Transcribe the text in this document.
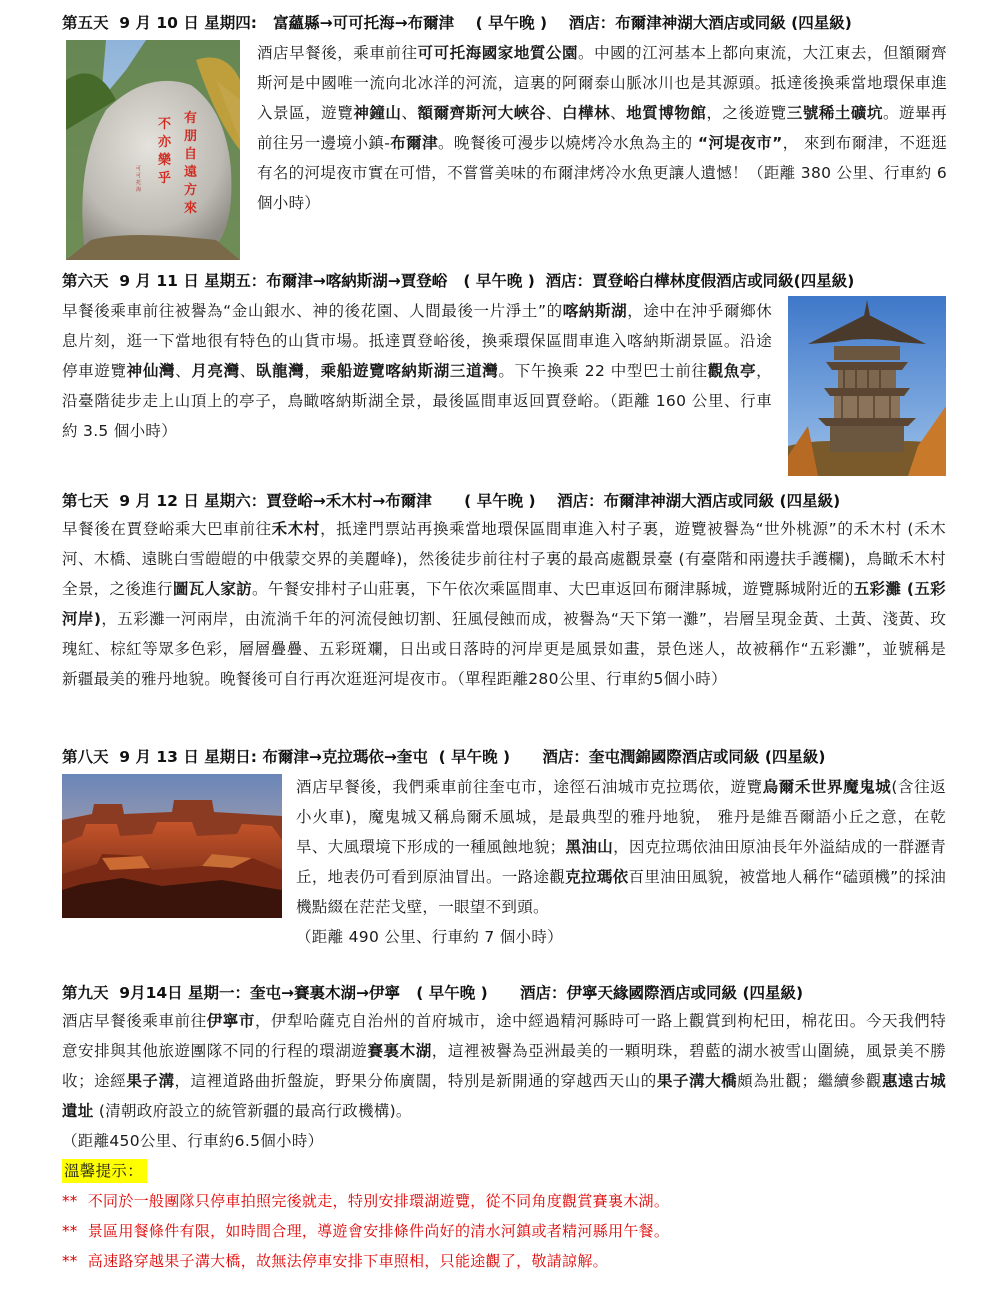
第五天  9 月 10 日 星期四:   富蘊縣→可可托海→布爾津    ( 早午晚 )    酒店：布爾津神湖大酒店或同級 (四星級)
有
朋
自
遠
方
來
不
亦
樂
乎
可
可
托
海
酒店早餐後，乘車前往可可托海國家地質公園。中國的江河基本上都向東流，大江東去，但額爾齊斯河是中國唯一流向北冰洋的河流，這裏的阿爾泰山脈冰川也是其源頭。抵達後換乘當地環保車進入景區，遊覽神鐘山、額爾齊斯河大峽谷、白樺林、地質博物館，之後遊覽三號稀土礦坑。遊畢再前往另一邊境小鎮-布爾津。晚餐後可漫步以燒烤冷水魚為主的 “河堤夜市”， 來到布爾津，不逛逛有名的河堤夜市實在可惜，不嘗嘗美味的布爾津烤冷水魚更讓人遺憾！（距離 380 公里、行車約 6 個小時）
第六天  9 月 11 日 星期五：布爾津→喀納斯湖→賈登峪   ( 早午晚 )  酒店：賈登峪白樺林度假酒店或同級(四星級)
早餐後乘車前往被譽為“金山銀水、神的後花園、人間最後一片淨土”的喀納斯湖，途中在沖乎爾鄉休息片刻，逛一下當地很有特色的山貨市場。抵達賈登峪後，換乘環保區間車進入喀納斯湖景區。沿途停車遊覽神仙灣、月亮灣、臥龍灣，乘船遊覽喀納斯湖三道灣。下午換乘 22 中型巴士前往觀魚亭，沿臺階徒步走上山頂上的亭子，鳥瞰喀納斯湖全景，最後區間車返回賈登峪。（距離 160 公里、行車約 3.5 個小時）
第七天  9 月 12 日 星期六：賈登峪→禾木村→布爾津      ( 早午晚 )    酒店：布爾津神湖大酒店或同級 (四星級)
早餐後在賈登峪乘大巴車前往禾木村，抵達門票站再換乘當地環保區間車進入村子裏，遊覽被譽為“世外桃源”的禾木村 (禾木河、木橋、遠眺白雪皚皚的中俄蒙交界的美麗峰)，然後徒步前往村子裏的最高處觀景臺 (有臺階和兩邊扶手護欄)，鳥瞰禾木村全景，之後進行圖瓦人家訪。午餐安排村子山莊裏，下午依次乘區間車、大巴車返回布爾津縣城，遊覽縣城附近的五彩灘 (五彩河岸)，五彩灘一河兩岸，由流淌千年的河流侵蝕切割、狂風侵蝕而成，被譽為“天下第一灘”，岩層呈現金黃、土黃、淺黃、玫瑰紅、棕紅等眾多色彩，層層疊疊、五彩斑斕，日出或日落時的河岸更是風景如畫，景色迷人，故被稱作“五彩灘”，並號稱是新疆最美的雅丹地貌。晚餐後可自行再次逛逛河堤夜市。（單程距離280公里、行車約5個小時）
第八天  9 月 13 日 星期日: 布爾津→克拉瑪依→奎屯  ( 早午晚 )      酒店：奎屯潤錦國際酒店或同級 (四星級)
酒店早餐後，我們乘車前往奎屯市，途徑石油城市克拉瑪依，遊覽烏爾禾世界魔鬼城(含往返小火車)，魔鬼城又稱烏爾禾風城，是最典型的雅丹地貌， 雅丹是維吾爾語小丘之意，在乾旱、大風環境下形成的一種風蝕地貌；黑油山，因克拉瑪依油田原油長年外溢結成的一群瀝青丘，地表仍可看到原油冒出。一路途觀克拉瑪依百里油田風貌，被當地人稱作“磕頭機”的採油機點綴在茫茫戈壁，一眼望不到頭。
（距離 490 公里、行車約 7 個小時）
第九天  9月14日 星期一：奎屯→賽裏木湖→伊寧   ( 早午晚 )      酒店：伊寧天緣國際酒店或同級 (四星級)
酒店早餐後乘車前往伊寧市，伊犁哈薩克自治州的首府城市，途中經過精河縣時可一路上觀賞到枸杞田，棉花田。今天我們特意安排與其他旅遊團隊不同的行程的環湖遊賽裏木湖，這裡被譽為亞洲最美的一顆明珠，碧藍的湖水被雪山圍繞，風景美不勝收；途經果子溝，這裡道路曲折盤旋，野果分佈廣闊，特別是新開通的穿越西天山的果子溝大橋頗為壯觀；繼續參觀惠遠古城遺址 (清朝政府設立的統管新疆的最高行政機構)。
（距離450公里、行車約6.5個小時）
溫馨提示：
**  不同於一般團隊只停車拍照完後就走，特別安排環湖遊覽，從不同角度觀賞賽裏木湖。
**  景區用餐條件有限，如時間合理，導遊會安排條件尚好的清水河鎮或者精河縣用午餐。
**  高速路穿越果子溝大橋，故無法停車安排下車照相，只能途觀了，敬請諒解。
